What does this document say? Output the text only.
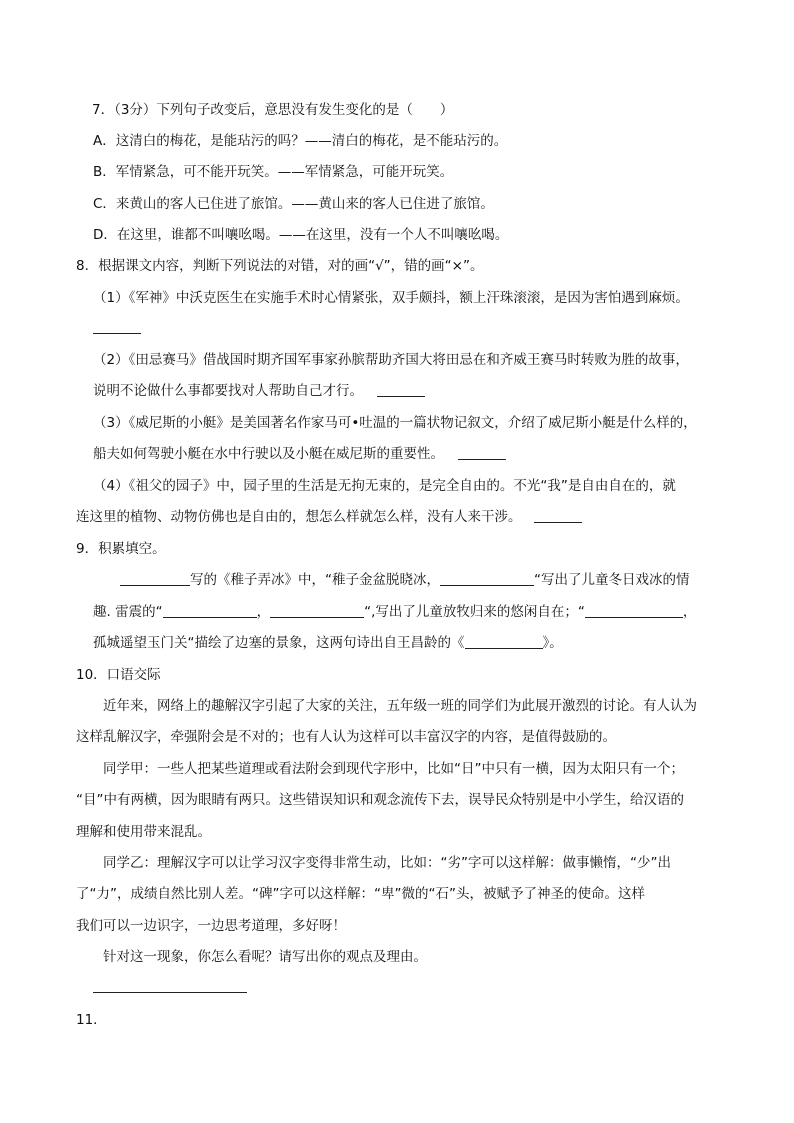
7．（3分）下列句子改变后，意思没有发生变化的是（　　）
A．这清白的梅花，是能玷污的吗？——清白的梅花，是不能玷污的。
B．军情紧急，可不能开玩笑。——军情紧急，可能开玩笑。
C．来黄山的客人已住进了旅馆。——黄山来的客人已住进了旅馆。
D．在这里，谁都不叫嚷吆喝。——在这里，没有一个人不叫嚷吆喝。
8．根据课文内容，判断下列说法的对错，对的画“√”，错的画“×”。
（1）《军神》中沃克医生在实施手术时心情紧张，双手颇抖，额上汗珠滚滚，是因为害怕遇到麻烦。
（2）《田忌赛马》借战国时期齐国军事家孙膑帮助齐国大将田忌在和齐威王赛马时转败为胜的故事，
说明不论做什么事都要找对人帮助自己才行。
（3）《威尼斯的小艇》是美国著名作家马可•吐温的一篇状物记叙文，介绍了威尼斯小艇是什么样的，
船夫如何驾驶小艇在水中行驶以及小艇在威尼斯的重要性。
（4）《祖父的园子》中，园子里的生活是无拘无束的，是完全自由的。不光“我”是自由自在的，就
连这里的植物、动物仿佛也是自由的，想怎么样就怎么样，没有人来干涉。
9．积累填空。
写的《稚子弄冰》中，“稚子金盆脱晓冰，	“写出了儿童冬日戏冰的情
趣. 雷震的“	，	“,写出了儿童放牧归来的悠闲自在；“	，
孤城遥望玉门关“描绘了边塞的景象，这两句诗出自王昌龄的《	》。
10．口语交际
近年来，网络上的趣解汉字引起了大家的关注，五年级一班的同学们为此展开激烈的讨论。有人认为
这样乱解汉字，牵强附会是不对的；也有人认为这样可以丰富汉字的内容，是值得鼓励的。
同学甲：一些人把某些道理或看法附会到现代字形中，比如“日”中只有一横，因为太阳只有一个；
“目”中有两横，因为眼睛有两只。这些错误知识和观念流传下去，误导民众特别是中小学生，给汉语的
理解和使用带来混乱。
同学乙：理解汉字可以让学习汉字变得非常生动，比如：“劣”字可以这样解：做事懒惰，“少”出
了“力”，成绩自然比别人差。“碑”字可以这样解：“卑”微的“石”头，被赋予了神圣的使命。这样
我们可以一边识字，一边思考道理，多好呀！
针对这一现象，你怎么看呢？请写出你的观点及理由。
11．
